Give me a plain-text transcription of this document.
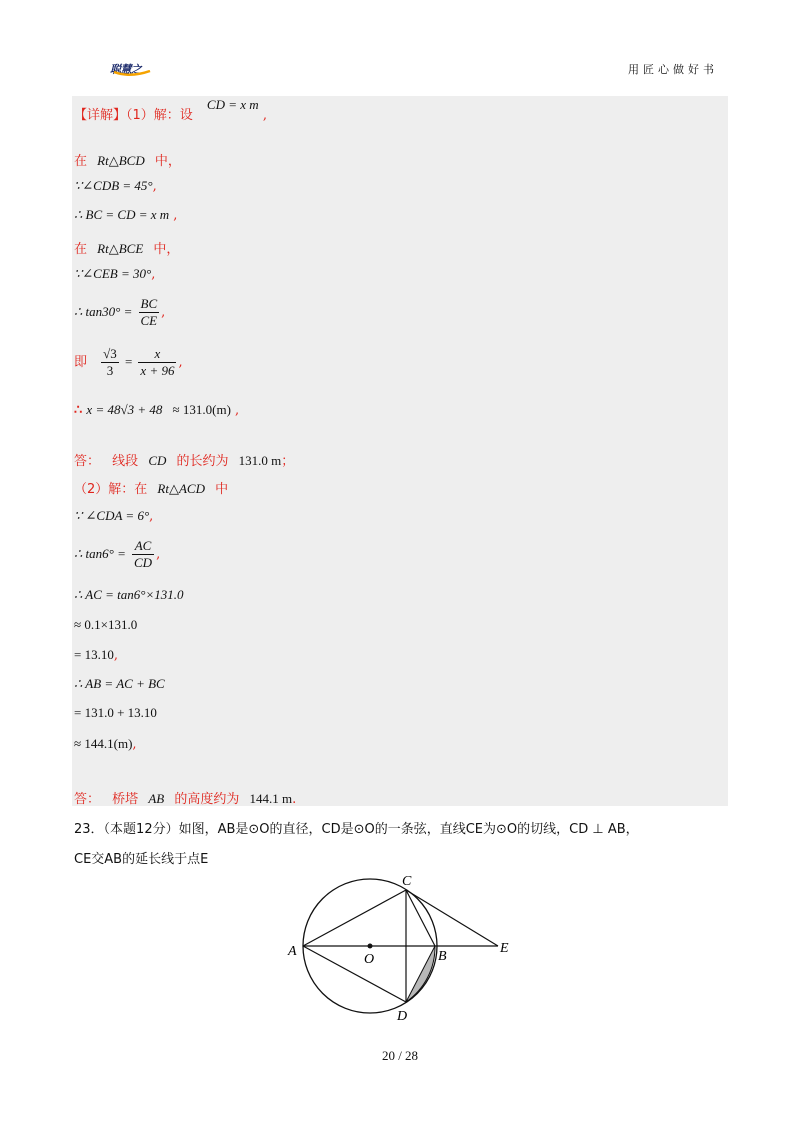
聪慧之	用匠心做好书
【详解】（1）解：设 CD = x m ,
在 Rt△BCD 中，
∵∠CDB = 45°,
∴ BC = CD = x m ,
在 Rt△BCE 中，
∵∠CEB = 30°,
∴ $\tan 30^\circ = \frac{BC}{CE}$ ,
即 $\frac{√3}{3} = \frac{x}{x + 96}$ ,
∴ x = 48√3 + 48 ≈ 131.0(m) ,
答： 线段 CD 的长约为 131.0 m；
（2）解：在 Rt△ACD 中
∵ ∠CDA = 6°,
∴ $\tan 6^\circ = \frac{AC}{CD}$ ,
∴ AC = tan6°×131.0
≈ 0.1×131.0
= 13.10,
∴ AB = AC + BC
= 131.0 + 13.10
≈ 144.1(m),
答： 桥塔 AB 的高度约为 144.1 m.
23．（本题12分）如图，AB是⊙O的直径，CD是⊙O的一条弦，直线CE为⊙O的切线，CD ⊥ AB，
CE交AB的延长线于点E
A
O	B
C
D
E
20 / 28
